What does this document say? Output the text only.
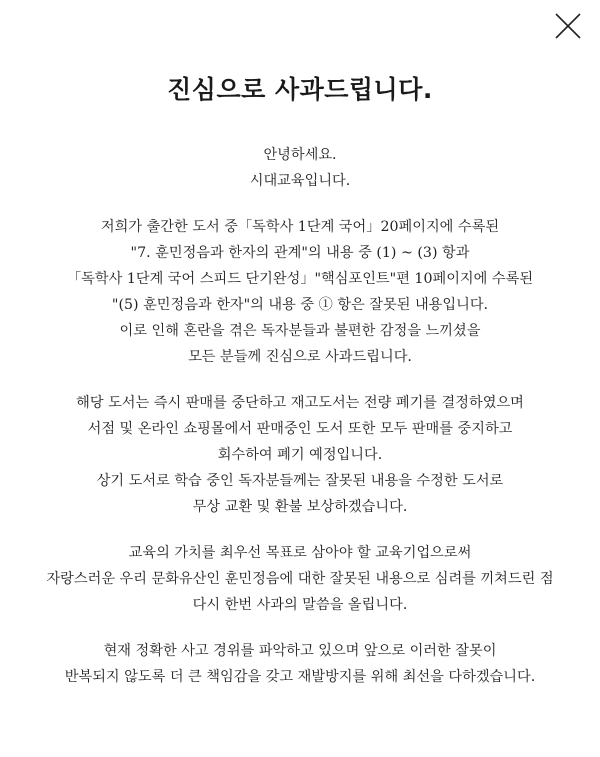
진심으로 사과드립니다.

안녕하세요.
시대교육입니다.

저희가 출간한 도서 중「독학사 1단계 국어」20페이지에 수록된
"7. 훈민정음과 한자의 관계"의 내용 중 (1) ~ (3) 항과
「독학사 1단계 국어 스피드 단기완성」"핵심포인트"편 10페이지에 수록된
"(5) 훈민정음과 한자"의 내용 중 ① 항은 잘못된 내용입니다.
이로 인해 혼란을 겪은 독자분들과 불편한 감정을 느끼셨을
모든 분들께 진심으로 사과드립니다.

해당 도서는 즉시 판매를 중단하고 재고도서는 전량 폐기를 결정하였으며
서점 및 온라인 쇼핑몰에서 판매중인 도서 또한 모두 판매를 중지하고
회수하여 폐기 예정입니다.
상기 도서로 학습 중인 독자분들께는 잘못된 내용을 수정한 도서로
무상 교환 및 환불 보상하겠습니다.

교육의 가치를 최우선 목표로 삼아야 할 교육기업으로써
자랑스러운 우리 문화유산인 훈민정음에 대한 잘못된 내용으로 심려를 끼쳐드린 점
다시 한번 사과의 말씀을 올립니다.

현재 정확한 사고 경위를 파악하고 있으며 앞으로 이러한 잘못이
반복되지 않도록 더 큰 책임감을 갖고 재발방지를 위해 최선을 다하겠습니다.
